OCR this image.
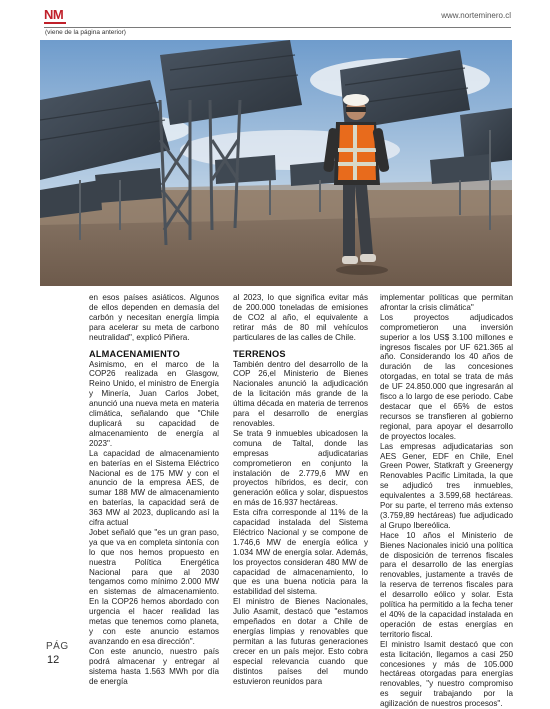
NM	www.norteminero.cl
(viene de la página anterior)

en esos países asiáticos. Algunos de ellos dependen en demasía del carbón y necesitan energía limpia para acelerar su meta de carbono neutralidad", explicó Piñera.

ALMACENAMIENTO

Asimismo, en el marco de la COP26 realizada en Glasgow, Reino Unido, el ministro de Energía y Minería, Juan Carlos Jobet, anunció una nueva meta en materia climática, señalando que "Chile duplicará su capacidad de almacenamiento de energía al 2023".

La capacidad de almacenamiento en baterías en el Sistema Eléctrico Nacional es de 175 MW y con el anuncio de la empresa AES, de sumar 188 MW de almacenamiento en baterías, la capacidad será de 363 MW al 2023, duplicando así la cifra actual

Jobet señaló que "es un gran paso, ya que va en completa sintonía con lo que nos hemos propuesto en nuestra Política Energética Nacional para que al 2030 tengamos como mínimo 2.000 MW en sistemas de almacenamiento. En la COP26 hemos abordado con urgencia el hacer realidad las metas que tenemos como planeta, y con este anuncio estamos avanzando en esa dirección".

Con este anuncio, nuestro país podrá almacenar y entregar al sistema hasta 1.563 MWh por día de energía

al 2023, lo que significa evitar más de 200.000 toneladas de emisiones de CO2 al año, el equivalente a retirar más de 80 mil vehículos particulares de las calles de Chile.

TERRENOS

También dentro del desarrollo de la COP 26,el Ministerio de Bienes Nacionales anunció la adjudicación de la licitación más grande de la última década en materia de terrenos para el desarrollo de energías renovables.

Se trata 9 inmuebles ubicadosen la comuna de Taltal, donde las empresas adjudicatarias comprometieron en conjunto la instalación de 2.779,6 MW en proyectos híbridos, es decir, con generación eólica y solar, dispuestos en más de 16.937 hectáreas.

Esta cifra corresponde al 11% de la capacidad instalada del Sistema Eléctrico Nacional y se compone de 1.746,6 MW de energía eólica y 1.034 MW de energía solar. Además, los proyectos consideran 480 MW de capacidad de almacenamiento, lo que es una buena noticia para la estabilidad del sistema.

El ministro de Bienes Nacionales, Julio Asamit, destacó que "estamos empeñados en dotar a Chile de energías limpias y renovables que permitan a las futuras generaciones crecer en un país mejor. Esto cobra especial relevancia cuando que distintos países del mundo estuvieron reunidos para

implementar políticas que permitan afrontar la crisis climática"

Los proyectos adjudicados comprometieron una inversión superior a los US$ 3.100 millones e ingresos fiscales por UF 621.365 al año. Considerando los 40 años de duración de las concesiones otorgadas, en total se trata de más de UF 24.850.000 que ingresarán al fisco a lo largo de ese periodo. Cabe destacar que el 65% de estos recursos se transfieren al gobierno regional, para apoyar el desarrollo de proyectos locales.

Las empresas adjudicatarias son AES Gener, EDF en Chile, Enel Green Power, Statkraft y Greenergy Renovables Pacific Limitada, la que se adjudicó tres inmuebles, equivalentes a 3.599,68 hectáreas. Por su parte, el terreno más extenso (3.759,89 hectáreas) fue adjudicado al Grupo Ibereólica.

Hace 10 años el Ministerio de Bienes Nacionales inició una política de disposición de terrenos fiscales para el desarrollo de las energías renovables, justamente a través de la reserva de terrenos fiscales para el desarrollo eólico y solar. Esta política ha permitido a la fecha tener el 40% de la capacidad instalada en operación de estas energías en territorio fiscal.

El ministro Isamit destacó que con esta licitación, llegamos a casi 250 concesiones y más de 105.000 hectáreas otorgadas para energías renovables, "y nuestro compromiso es seguir trabajando por la agilización de nuestros procesos".

PÁG
12
